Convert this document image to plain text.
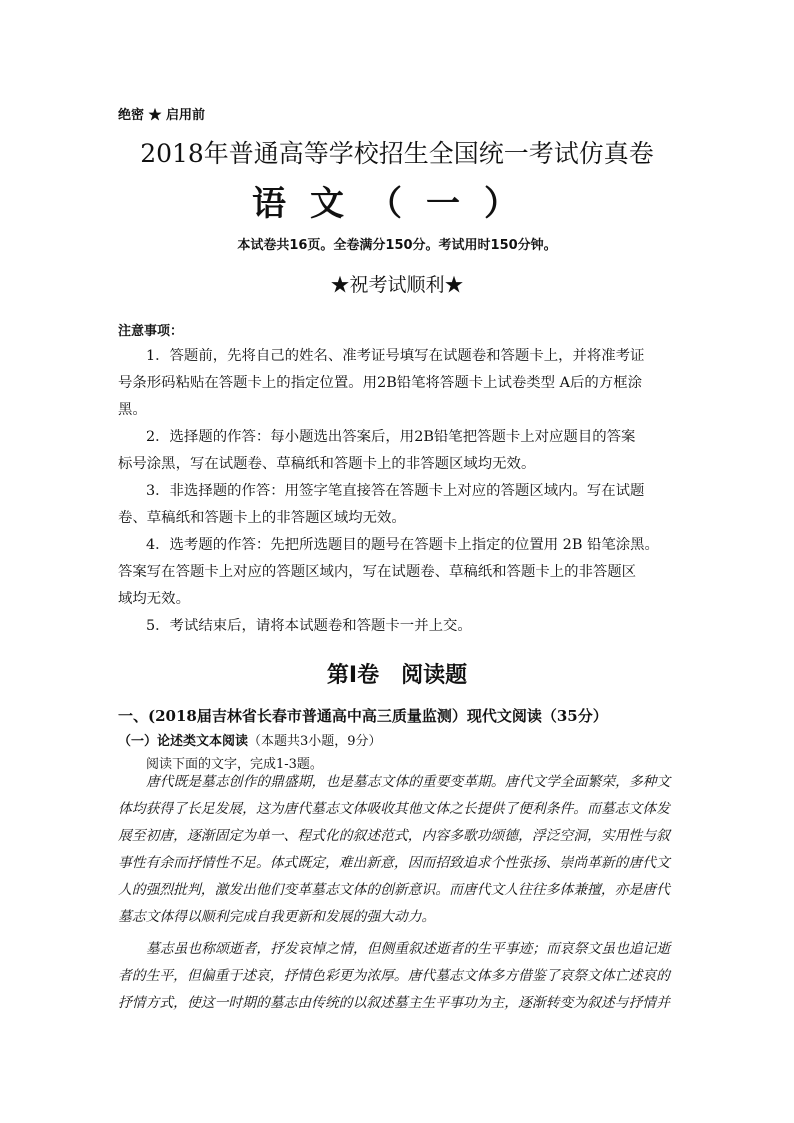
绝密 ★ 启用前
2018年普通高等学校招生全国统一考试仿真卷
语文（一）
本试卷共16页。全卷满分150分。考试用时150分钟。
★祝考试顺利★
注意事项：
1．答题前，先将自己的姓名、准考证号填写在试题卷和答题卡上，并将准考证
号条形码粘贴在答题卡上的指定位置。用2B铅笔将答题卡上试卷类型 A后的方框涂
黑。
2．选择题的作答：每小题选出答案后，用2B铅笔把答题卡上对应题目的答案
标号涂黑，写在试题卷、草稿纸和答题卡上的非答题区域均无效。
3．非选择题的作答：用签字笔直接答在答题卡上对应的答题区域内。写在试题
卷、草稿纸和答题卡上的非答题区域均无效。
4．选考题的作答：先把所选题目的题号在答题卡上指定的位置用 2B 铅笔涂黑。
答案写在答题卡上对应的答题区域内，写在试题卷、草稿纸和答题卡上的非答题区
域均无效。
5．考试结束后，请将本试题卷和答题卡一并上交。
第Ⅰ卷　阅读题
一、(2018届吉林省长春市普通高中高三质量监测）现代文阅读（35分）
（一）论述类文本阅读（本题共3小题，9分）
阅读下面的文字，完成1-3题。
唐代既是墓志创作的鼎盛期，也是墓志文体的重要变革期。唐代文学全面繁荣，多种文
体均获得了长足发展，这为唐代墓志文体吸收其他文体之长提供了便利条件。而墓志文体发
展至初唐，逐渐固定为单一、程式化的叙述范式，内容多歌功颂德，浮泛空洞，实用性与叙
事性有余而抒情性不足。体式既定，难出新意，因而招致追求个性张扬、崇尚革新的唐代文
人的强烈批判，激发出他们变革墓志文体的创新意识。而唐代文人往往多体兼擅，亦是唐代
墓志文体得以顺利完成自我更新和发展的强大动力。
墓志虽也称颂逝者，抒发哀悼之情，但侧重叙述逝者的生平事迹；而哀祭文虽也追记逝
者的生平，但偏重于述哀，抒情色彩更为浓厚。唐代墓志文体多方借鉴了哀祭文体亡述哀的
抒情方式，使这一时期的墓志由传统的以叙述墓主生平事功为主，逐渐转变为叙述与抒情并
